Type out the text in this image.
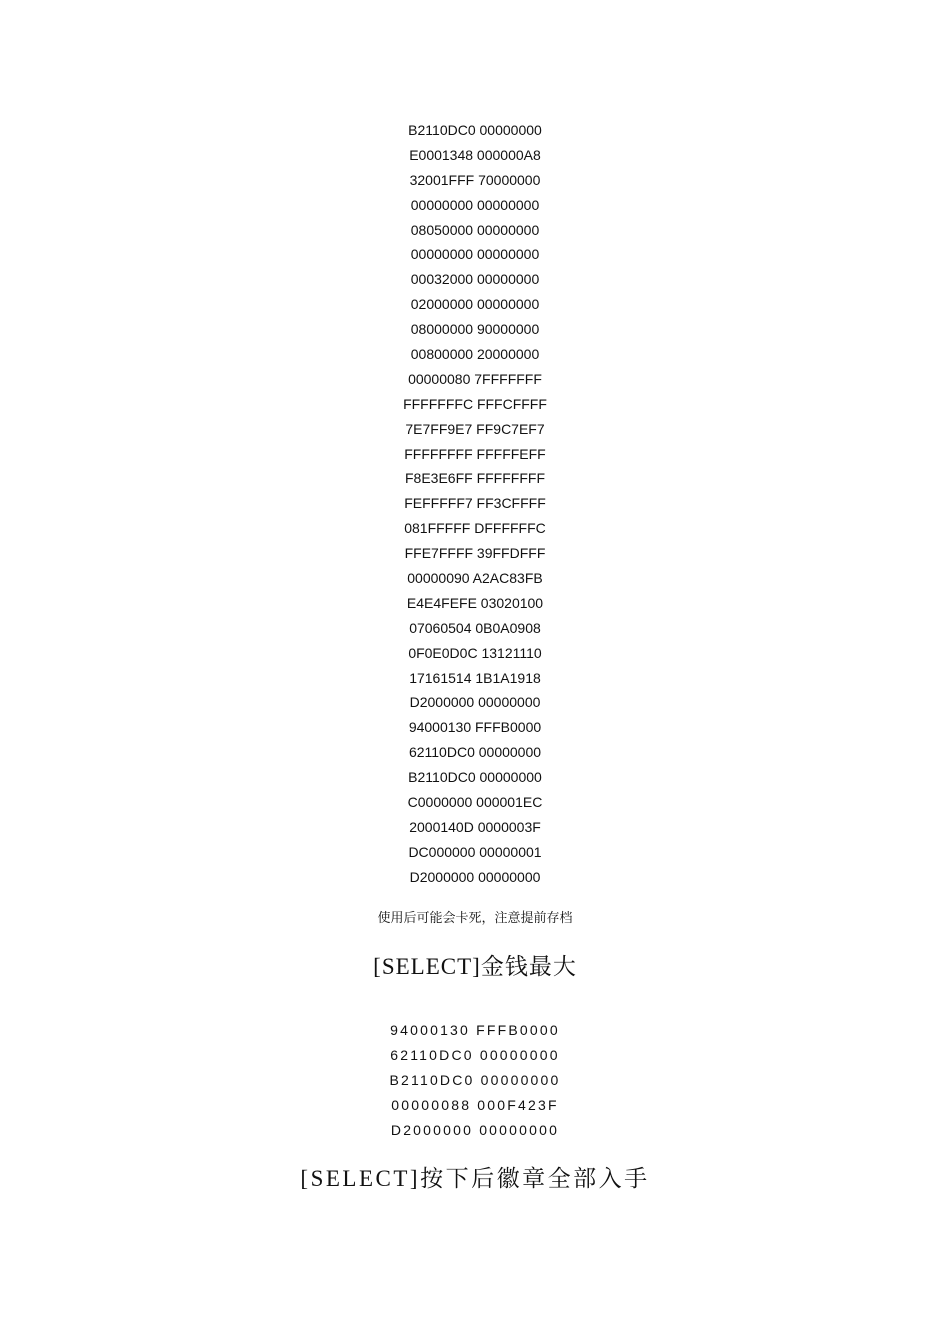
B2110DC0 00000000
E0001348 000000A8
32001FFF 70000000
00000000 00000000
08050000 00000000
00000000 00000000
00032000 00000000
02000000 00000000
08000000 90000000
00800000 20000000
00000080 7FFFFFFF
FFFFFFFC FFFCFFFF
7E7FF9E7 FF9C7EF7
FFFFFFFF FFFFFEFF
F8E3E6FF FFFFFFFF
FEFFFFF7 FF3CFFFF
081FFFFF DFFFFFFC
FFE7FFFF 39FFDFFF
00000090 A2AC83FB
E4E4FEFE 03020100
07060504 0B0A0908
0F0E0D0C 13121110
17161514 1B1A1918
D2000000 00000000
94000130 FFFB0000
62110DC0 00000000
B2110DC0 00000000
C0000000 000001EC
2000140D 0000003F
DC000000 00000001
D2000000 00000000
使用后可能会卡死，注意提前存档
[SELECT]金钱最大
94000130 FFFB0000
62110DC0 00000000
B2110DC0 00000000
00000088 000F423F
D2000000 00000000
[SELECT]按下后徽章全部入手
